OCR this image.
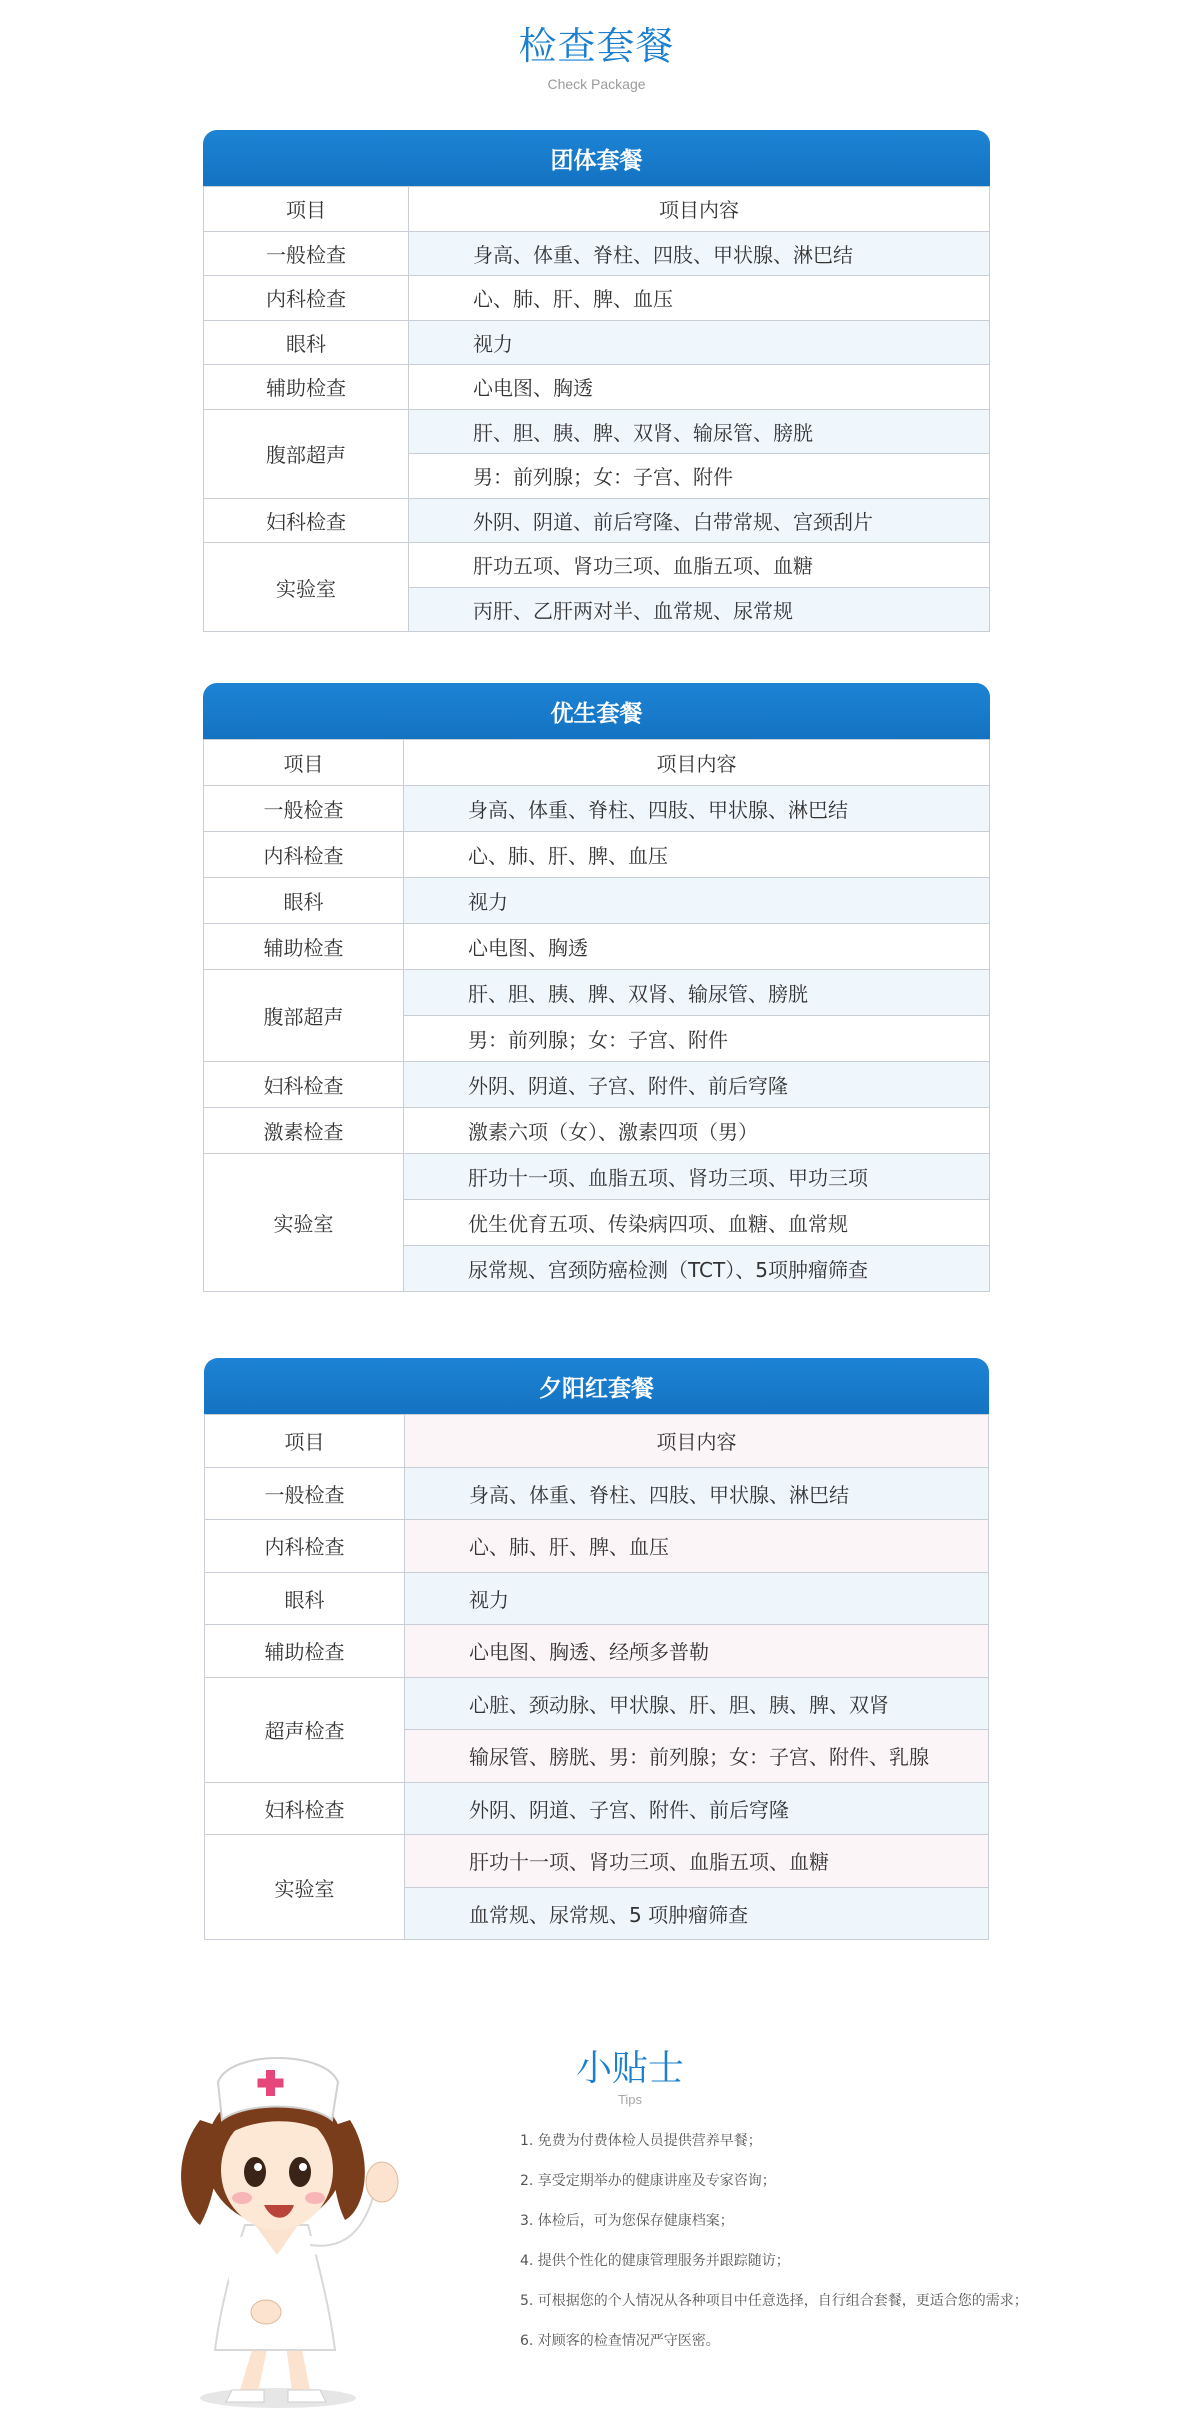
检查套餐
Check Package
团体套餐
项目	项目内容
一般检查	身高、体重、脊柱、四肢、甲状腺、淋巴结
内科检查	心、肺、肝、脾、血压
眼科	视力
辅助检查	心电图、胸透
腹部超声	肝、胆、胰、脾、双肾、输尿管、膀胱
	男：前列腺；女：子宫、附件
妇科检查	外阴、阴道、前后穹隆、白带常规、宫颈刮片
实验室	肝功五项、肾功三项、血脂五项、血糖
	丙肝、乙肝两对半、血常规、尿常规
优生套餐
项目	项目内容
一般检查	身高、体重、脊柱、四肢、甲状腺、淋巴结
内科检查	心、肺、肝、脾、血压
眼科	视力
辅助检查	心电图、胸透
腹部超声	肝、胆、胰、脾、双肾、输尿管、膀胱
	男：前列腺；女：子宫、附件
妇科检查	外阴、阴道、子宫、附件、前后穹隆
激素检查	激素六项（女）、激素四项（男）
实验室	肝功十一项、血脂五项、肾功三项、甲功三项
	优生优育五项、传染病四项、血糖、血常规
	尿常规、宫颈防癌检测（TCT）、5项肿瘤筛查
夕阳红套餐
项目	项目内容
一般检查	身高、体重、脊柱、四肢、甲状腺、淋巴结
内科检查	心、肺、肝、脾、血压
眼科	视力
辅助检查	心电图、胸透、经颅多普勒
超声检查	心脏、颈动脉、甲状腺、肝、胆、胰、脾、双肾
	输尿管、膀胱、男：前列腺；女：子宫、附件、乳腺
妇科检查	外阴、阴道、子宫、附件、前后穹隆
实验室	肝功十一项、肾功三项、血脂五项、血糖
	血常规、尿常规、5 项肿瘤筛查
小贴士
Tips
1. 免费为付费体检人员提供营养早餐；
2. 享受定期举办的健康讲座及专家咨询；
3. 体检后，可为您保存健康档案；
4. 提供个性化的健康管理服务并跟踪随访；
5. 可根据您的个人情况从各种项目中任意选择，自行组合套餐，更适合您的需求；
6. 对顾客的检查情况严守医密。
